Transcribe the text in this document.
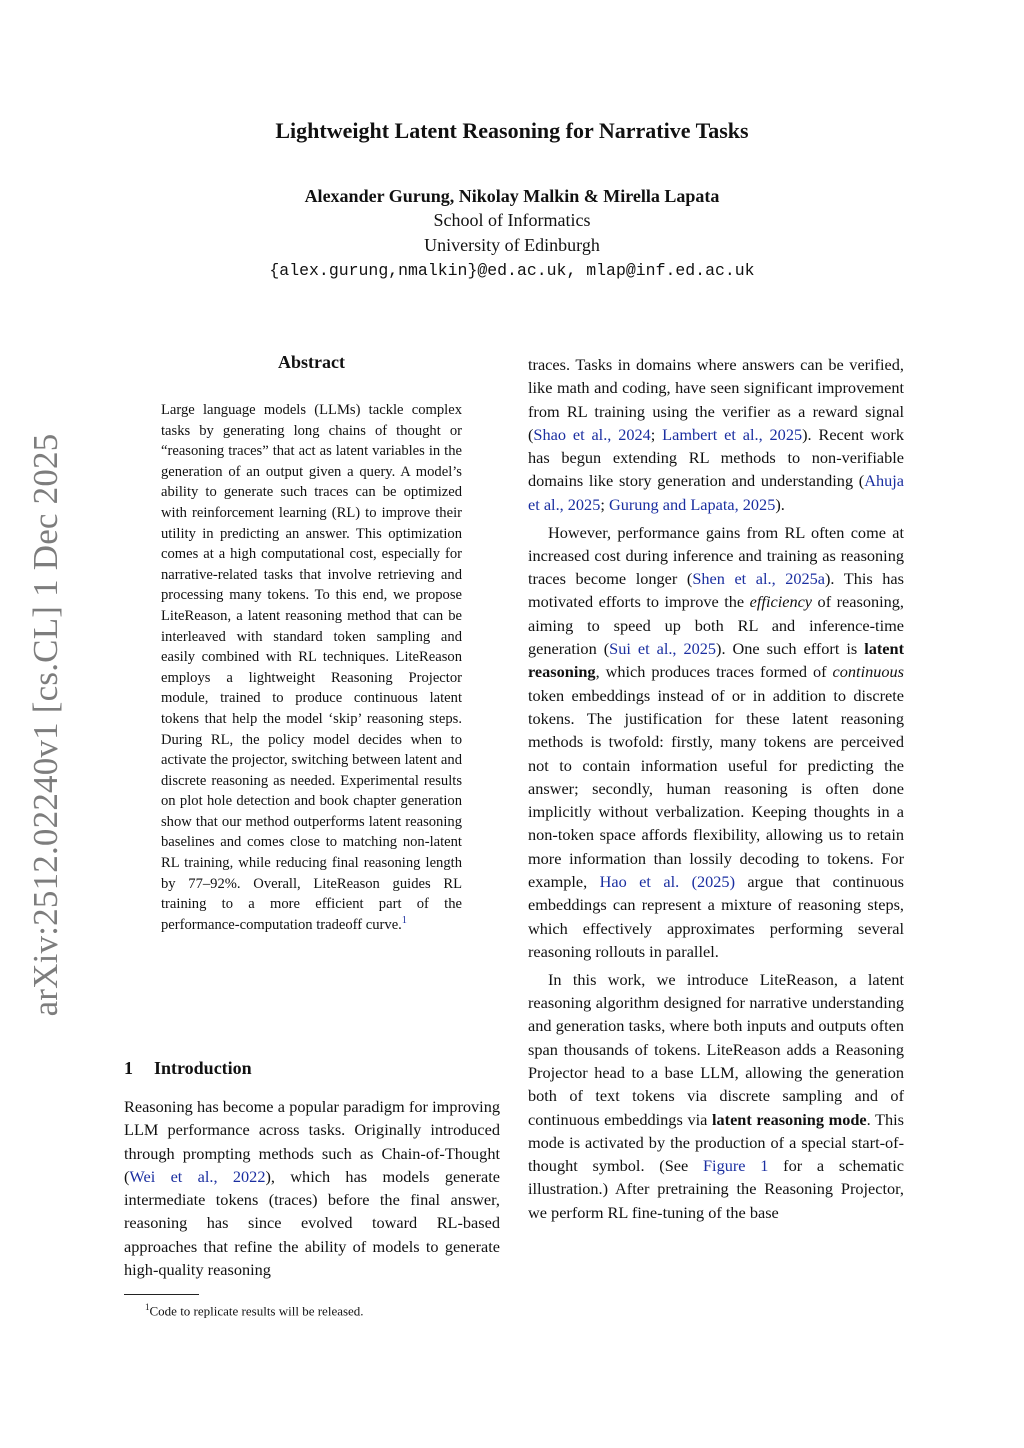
arXiv:2512.02240v1 [cs.CL] 1 Dec 2025
Lightweight Latent Reasoning for Narrative Tasks
Alexander Gurung, Nikolay Malkin & Mirella Lapata
School of Informatics
University of Edinburgh
{alex.gurung,nmalkin}@ed.ac.uk, mlap@inf.ed.ac.uk
Abstract

Large language models (LLMs) tackle complex tasks by generating long chains of thought or “reasoning traces” that act as latent variables in the generation of an output given a query. A model’s ability to generate such traces can be optimized with reinforcement learning (RL) to improve their utility in predicting an answer. This optimization comes at a high computational cost, especially for narrative-related tasks that involve retrieving and processing many tokens. To this end, we propose LiteReason, a latent reasoning method that can be interleaved with standard token sampling and easily combined with RL techniques. LiteReason employs a lightweight Reasoning Projector module, trained to produce continuous latent tokens that help the model ‘skip’ reasoning steps. During RL, the policy model decides when to activate the projector, switching between latent and discrete reasoning as needed. Experimental results on plot hole detection and book chapter generation show that our method outperforms latent reasoning baselines and comes close to matching non-latent RL training, while reducing final reasoning length by 77–92%. Overall, LiteReason guides RL training to a more efficient part of the performance-computation tradeoff curve.$^1$

1 Introduction

Reasoning has become a popular paradigm for improving LLM performance across tasks. Originally introduced through prompting methods such as Chain-of-Thought (Wei et al., 2022), which has models generate intermediate tokens (traces) before the final answer, reasoning has since evolved toward RL-based approaches that refine the ability of models to generate high-quality reasoning

$^1$Code to replicate results will be released.

traces. Tasks in domains where answers can be verified, like math and coding, have seen significant improvement from RL training using the verifier as a reward signal (Shao et al., 2024; Lambert et al., 2025). Recent work has begun extending RL methods to non-verifiable domains like story generation and understanding (Ahuja et al., 2025; Gurung and Lapata, 2025).

However, performance gains from RL often come at increased cost during inference and training as reasoning traces become longer (Shen et al., 2025a). This has motivated efforts to improve the efficiency of reasoning, aiming to speed up both RL and inference-time generation (Sui et al., 2025). One such effort is latent reasoning, which produces traces formed of continuous token embeddings instead of or in addition to discrete tokens. The justification for these latent reasoning methods is twofold: firstly, many tokens are perceived not to contain information useful for predicting the answer; secondly, human reasoning is often done implicitly without verbalization. Keeping thoughts in a non-token space affords flexibility, allowing us to retain more information than lossily decoding to tokens. For example, Hao et al. (2025) argue that continuous embeddings can represent a mixture of reasoning steps, which effectively approximates performing several reasoning rollouts in parallel.

In this work, we introduce LiteReason, a latent reasoning algorithm designed for narrative understanding and generation tasks, where both inputs and outputs often span thousands of tokens. LiteReason adds a Reasoning Projector head to a base LLM, allowing the generation both of text tokens via discrete sampling and of continuous embeddings via latent reasoning mode. This mode is activated by the production of a special start-of-thought symbol. (See Figure 1 for a schematic illustration.) After pretraining the Reasoning Projector, we perform RL fine-tuning of the base
